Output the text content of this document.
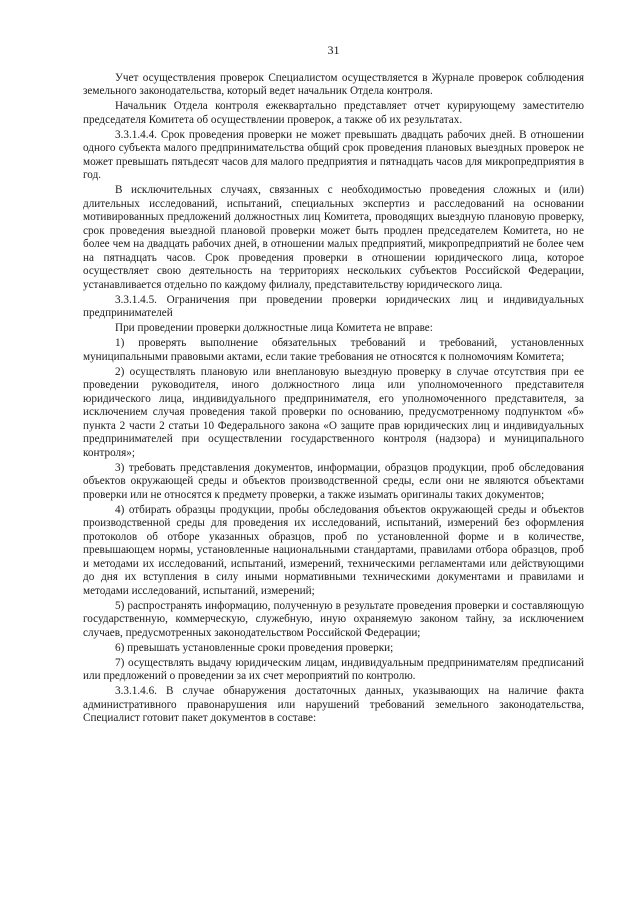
31

Учет осуществления проверок Специалистом осуществляется в Журнале проверок соблюдения земельного законодательства, который ведет начальник Отдела контроля.

Начальник Отдела контроля ежеквартально представляет отчет курирующему заместителю председателя Комитета об осуществлении проверок, а также об их результатах.

3.3.1.4.4. Срок проведения проверки не может превышать двадцать рабочих дней. В отношении одного субъекта малого предпринимательства общий срок проведения плановых выездных проверок не может превышать пятьдесят часов для малого предприятия и пятнадцать часов для микропредприятия в год.

В исключительных случаях, связанных с необходимостью проведения сложных и (или) длительных исследований, испытаний, специальных экспертиз и расследований на основании мотивированных предложений должностных лиц Комитета, проводящих выездную плановую проверку, срок проведения выездной плановой проверки может быть продлен председателем Комитета, но не более чем на двадцать рабочих дней, в отношении малых предприятий, микропредприятий не более чем на пятнадцать часов. Срок проведения проверки в отношении юридического лица, которое осуществляет свою деятельность на территориях нескольких субъектов Российской Федерации, устанавливается отдельно по каждому филиалу, представительству юридического лица.

3.3.1.4.5. Ограничения при проведении проверки юридических лиц и индивидуальных предпринимателей

При проведении проверки должностные лица Комитета не вправе:

1) проверять выполнение обязательных требований и требований, установленных муниципальными правовыми актами, если такие требования не относятся к полномочиям Комитета;

2) осуществлять плановую или внеплановую выездную проверку в случае отсутствия при ее проведении руководителя, иного должностного лица или уполномоченного представителя юридического лица, индивидуального предпринимателя, его уполномоченного представителя, за исключением случая проведения такой проверки по основанию, предусмотренному подпунктом «б» пункта 2 части 2 статьи 10 Федерального закона «О защите прав юридических лиц и индивидуальных предпринимателей при осуществлении государственного контроля (надзора) и муниципального контроля»;

3) требовать представления документов, информации, образцов продукции, проб обследования объектов окружающей среды и объектов производственной среды, если они не являются объектами проверки или не относятся к предмету проверки, а также изымать оригиналы таких документов;

4) отбирать образцы продукции, пробы обследования объектов окружающей среды и объектов производственной среды для проведения их исследований, испытаний, измерений без оформления протоколов об отборе указанных образцов, проб по установленной форме и в количестве, превышающем нормы, установленные национальными стандартами, правилами отбора образцов, проб и методами их исследований, испытаний, измерений, техническими регламентами или действующими до дня их вступления в силу иными нормативными техническими документами и правилами и методами исследований, испытаний, измерений;

5) распространять информацию, полученную в результате проведения проверки и составляющую государственную, коммерческую, служебную, иную охраняемую законом тайну, за исключением случаев, предусмотренных законодательством Российской Федерации;

6) превышать установленные сроки проведения проверки;

7) осуществлять выдачу юридическим лицам, индивидуальным предпринимателям предписаний или предложений о проведении за их счет мероприятий по контролю.

3.3.1.4.6. В случае обнаружения достаточных данных, указывающих на наличие факта административного правонарушения или нарушений требований земельного законодательства, Специалист готовит пакет документов в составе:
